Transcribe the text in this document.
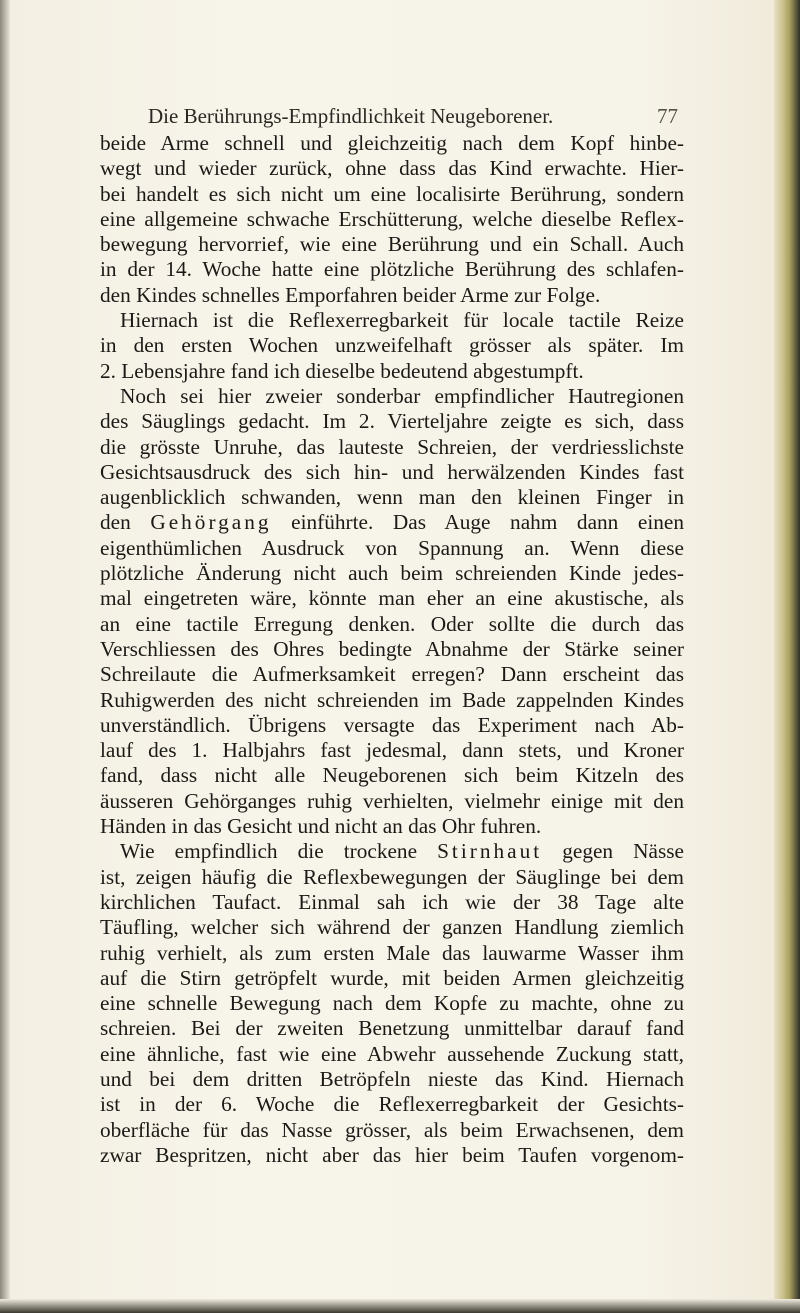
Die Berührungs-Empfindlichkeit Neugeborener.	77
beide Arme schnell und gleichzeitig nach dem Kopf hinbe-
wegt und wieder zurück, ohne dass das Kind erwachte. Hier-
bei handelt es sich nicht um eine localisirte Berührung, sondern
eine allgemeine schwache Erschütterung, welche dieselbe Reflex-
bewegung hervorrief, wie eine Berührung und ein Schall. Auch
in der 14. Woche hatte eine plötzliche Berührung des schlafen-
den Kindes schnelles Emporfahren beider Arme zur Folge.
Hiernach ist die Reflexerregbarkeit für locale tactile Reize
in den ersten Wochen unzweifelhaft grösser als später. Im
2. Lebensjahre fand ich dieselbe bedeutend abgestumpft.
Noch sei hier zweier sonderbar empfindlicher Hautregionen
des Säuglings gedacht. Im 2. Vierteljahre zeigte es sich, dass
die grösste Unruhe, das lauteste Schreien, der verdriesslichste
Gesichtsausdruck des sich hin- und herwälzenden Kindes fast
augenblicklich schwanden, wenn man den kleinen Finger in
den Gehörgang einführte. Das Auge nahm dann einen
eigenthümlichen Ausdruck von Spannung an. Wenn diese
plötzliche Änderung nicht auch beim schreienden Kinde jedes-
mal eingetreten wäre, könnte man eher an eine akustische, als
an eine tactile Erregung denken. Oder sollte die durch das
Verschliessen des Ohres bedingte Abnahme der Stärke seiner
Schreilaute die Aufmerksamkeit erregen? Dann erscheint das
Ruhigwerden des nicht schreienden im Bade zappelnden Kindes
unverständlich. Übrigens versagte das Experiment nach Ab-
lauf des 1. Halbjahrs fast jedesmal, dann stets, und Kroner
fand, dass nicht alle Neugeborenen sich beim Kitzeln des
äusseren Gehörganges ruhig verhielten, vielmehr einige mit den
Händen in das Gesicht und nicht an das Ohr fuhren.
Wie empfindlich die trockene Stirnhaut gegen Nässe
ist, zeigen häufig die Reflexbewegungen der Säuglinge bei dem
kirchlichen Taufact. Einmal sah ich wie der 38 Tage alte
Täufling, welcher sich während der ganzen Handlung ziemlich
ruhig verhielt, als zum ersten Male das lauwarme Wasser ihm
auf die Stirn getröpfelt wurde, mit beiden Armen gleichzeitig
eine schnelle Bewegung nach dem Kopfe zu machte, ohne zu
schreien. Bei der zweiten Benetzung unmittelbar darauf fand
eine ähnliche, fast wie eine Abwehr aussehende Zuckung statt,
und bei dem dritten Betröpfeln nieste das Kind. Hiernach
ist in der 6. Woche die Reflexerregbarkeit der Gesichts-
oberfläche für das Nasse grösser, als beim Erwachsenen, dem
zwar Bespritzen, nicht aber das hier beim Taufen vorgenom-
